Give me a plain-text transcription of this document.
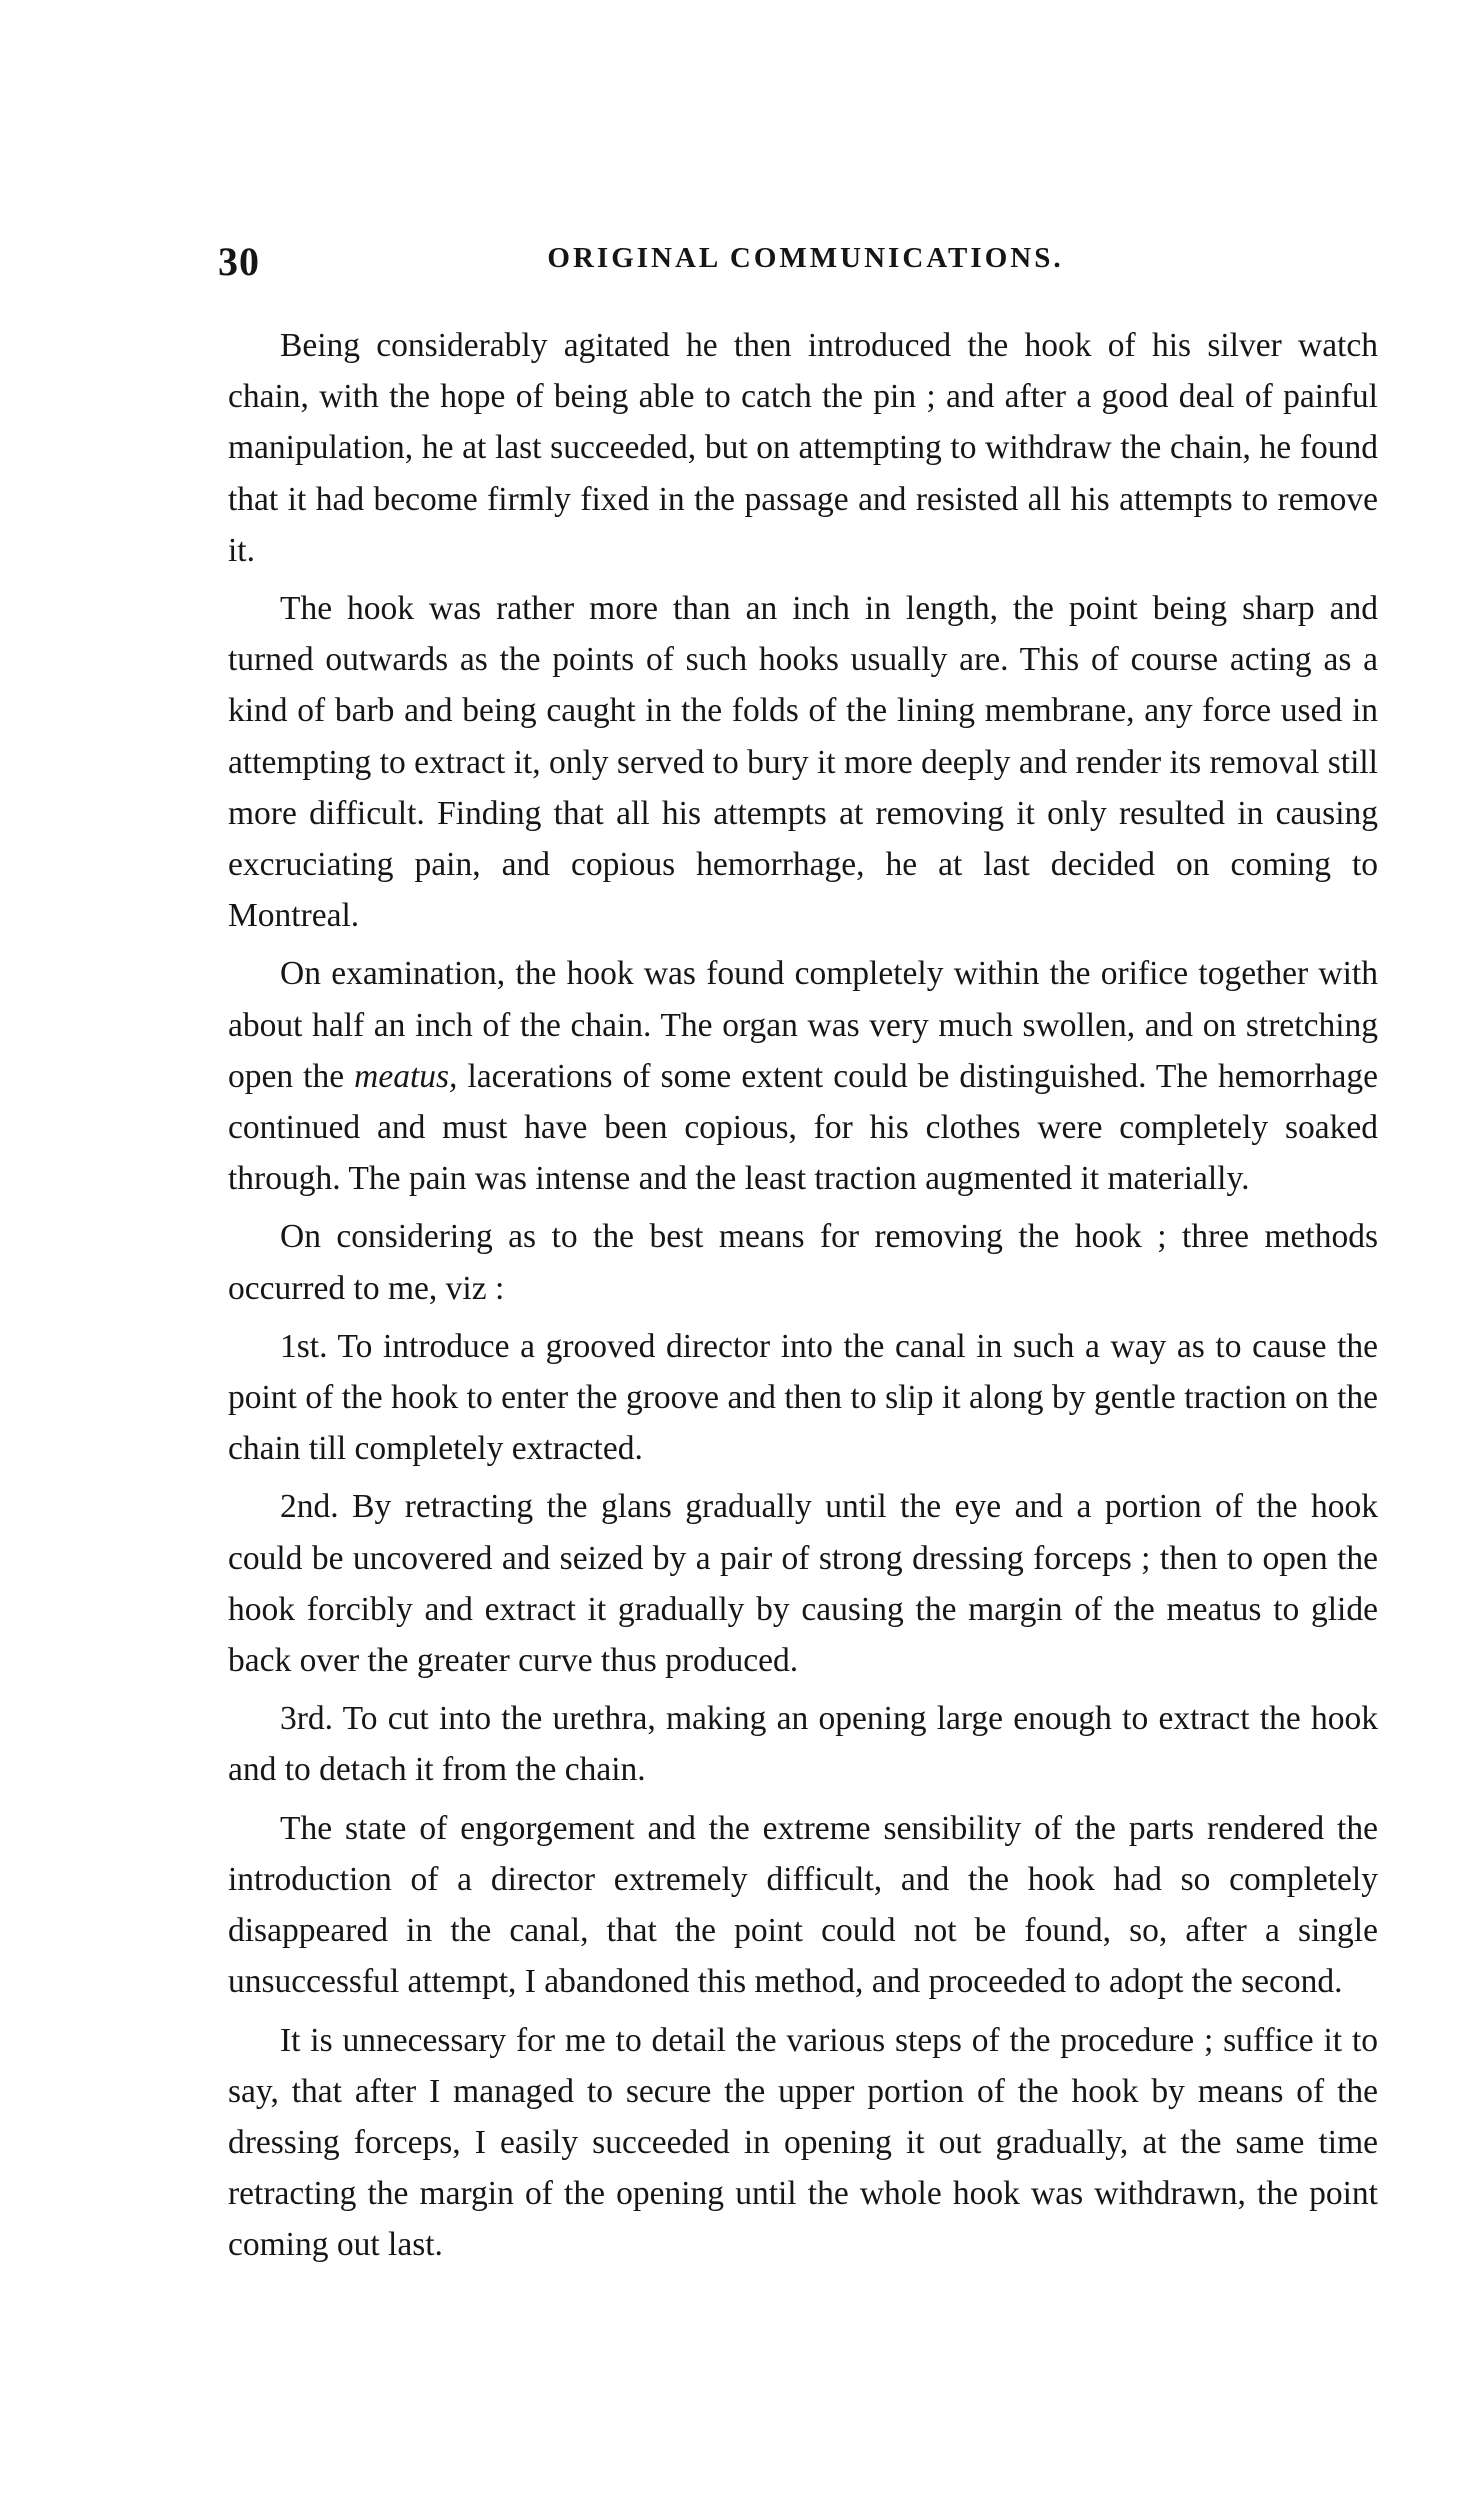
30	ORIGINAL COMMUNICATIONS.

Being considerably agitated he then introduced the hook of his silver watch chain, with the hope of being able to catch the pin ; and after a good deal of painful manipulation, he at last succeeded, but on attempting to withdraw the chain, he found that it had become firmly fixed in the passage and resisted all his attempts to remove it.

The hook was rather more than an inch in length, the point being sharp and turned outwards as the points of such hooks usually are. This of course acting as a kind of barb and being caught in the folds of the lining membrane, any force used in attempting to extract it, only served to bury it more deeply and render its removal still more difficult. Finding that all his attempts at removing it only resulted in causing excruciating pain, and copious hemorrhage, he at last decided on coming to Montreal.

On examination, the hook was found completely within the orifice together with about half an inch of the chain. The organ was very much swollen, and on stretching open the meatus, lacerations of some extent could be distinguished. The hemorrhage continued and must have been copious, for his clothes were completely soaked through. The pain was intense and the least traction augmented it materially.

On considering as to the best means for removing the hook ; three methods occurred to me, viz :

1st. To introduce a grooved director into the canal in such a way as to cause the point of the hook to enter the groove and then to slip it along by gentle traction on the chain till completely extracted.

2nd. By retracting the glans gradually until the eye and a portion of the hook could be uncovered and seized by a pair of strong dressing forceps ; then to open the hook forcibly and extract it gradually by causing the margin of the meatus to glide back over the greater curve thus produced.

3rd. To cut into the urethra, making an opening large enough to extract the hook and to detach it from the chain.

The state of engorgement and the extreme sensibility of the parts rendered the introduction of a director extremely difficult, and the hook had so completely disappeared in the canal, that the point could not be found, so, after a single unsuccessful attempt, I abandoned this method, and proceeded to adopt the second.

It is unnecessary for me to detail the various steps of the procedure ; suffice it to say, that after I managed to secure the upper portion of the hook by means of the dressing forceps, I easily succeeded in opening it out gradually, at the same time retracting the margin of the opening until the whole hook was withdrawn, the point coming out last.
